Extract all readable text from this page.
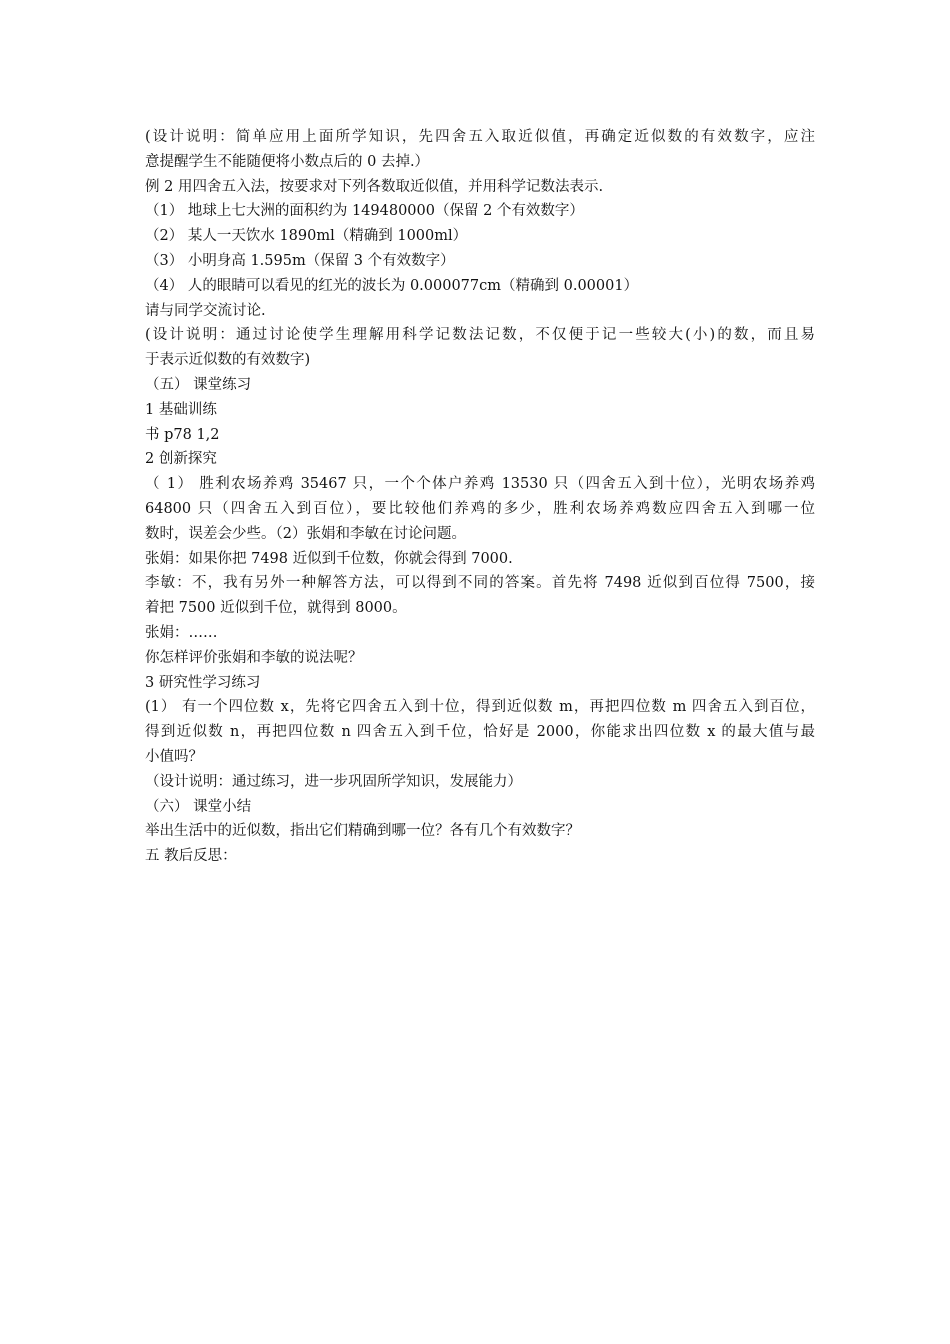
(设计说明：简单应用上面所学知识，先四舍五入取近似值，再确定近似数的有效数字，应注
意提醒学生不能随便将小数点后的 0 去掉.）
例 2 用四舍五入法，按要求对下列各数取近似值，并用科学记数法表示.
（1） 地球上七大洲的面积约为 149480000（保留 2 个有效数字）
（2） 某人一天饮水 1890ml（精确到 1000ml）
（3） 小明身高 1.595m（保留 3 个有效数字）
（4） 人的眼睛可以看见的红光的波长为 0.000077cm（精确到 0.00001）
请与同学交流讨论.
(设计说明：通过讨论使学生理解用科学记数法记数，不仅便于记一些较大(小)的数，而且易
于表示近似数的有效数字)
（五） 课堂练习
1 基础训练
书 p78 1,2
2 创新探究
（ 1） 胜利农场养鸡 35467 只，一个个体户养鸡 13530 只（四舍五入到十位），光明农场养鸡
64800 只（四舍五入到百位），要比较他们养鸡的多少，胜利农场养鸡数应四舍五入到哪一位
数时，误差会少些。（2）张娟和李敏在讨论问题。
张娟：如果你把 7498 近似到千位数，你就会得到 7000.
李敏：不，我有另外一种解答方法，可以得到不同的答案。首先将 7498 近似到百位得 7500，接
着把 7500 近似到千位，就得到 8000。
张娟：……
你怎样评价张娟和李敏的说法呢？
3 研究性学习练习
(1） 有一个四位数 x，先将它四舍五入到十位，得到近似数 m，再把四位数 m 四舍五入到百位，
得到近似数 n，再把四位数 n 四舍五入到千位，恰好是 2000，你能求出四位数 x 的最大值与最
小值吗？
（设计说明：通过练习，进一步巩固所学知识，发展能力）
（六） 课堂小结
举出生活中的近似数，指出它们精确到哪一位？各有几个有效数字？
五 教后反思：
